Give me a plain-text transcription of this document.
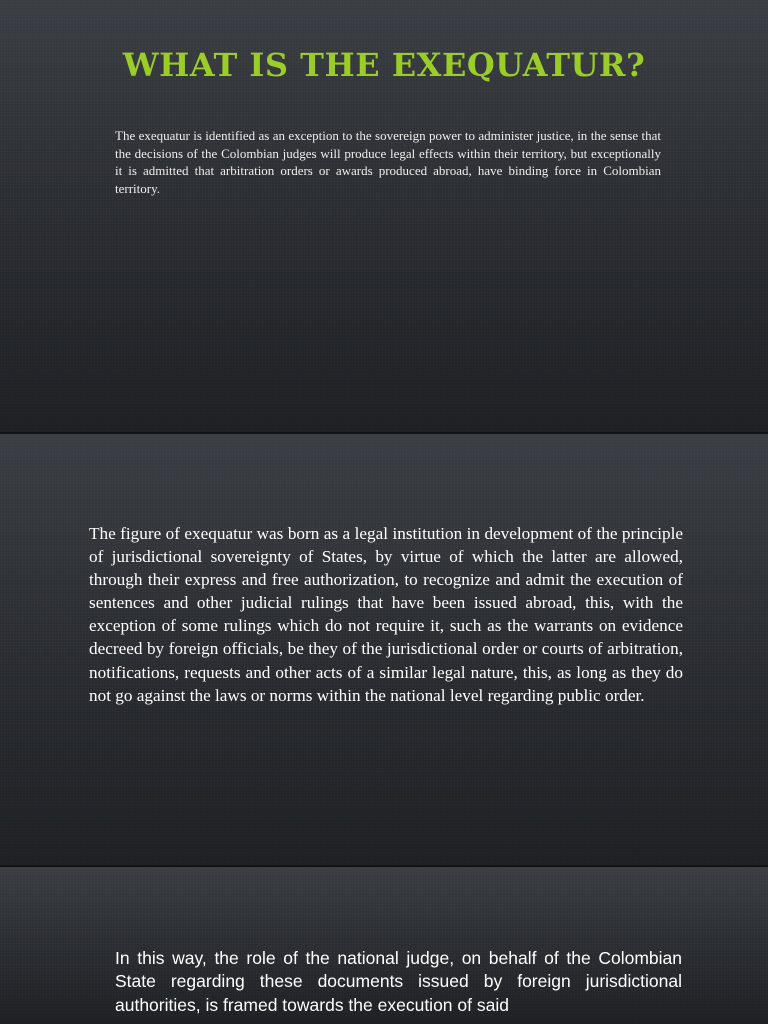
WHAT IS THE EXEQUATUR?

The exequatur is identified as an exception to the sovereign power to administer justice, in the sense that the decisions of the Colombian judges will produce legal effects within their territory, but exceptionally it is admitted that arbitration orders or awards produced abroad, have binding force in Colombian territory.

The figure of exequatur was born as a legal institution in development of the principle of jurisdictional sovereignty of States, by virtue of which the latter are allowed, through their express and free authorization, to recognize and admit the execution of sentences and other judicial rulings that have been issued abroad, this, with the exception of some rulings which do not require it, such as the warrants on evidence decreed by foreign officials, be they of the jurisdictional order or courts of arbitration, notifications, requests and other acts of a similar legal nature, this, as long as they do not go against the laws or norms within the national level regarding public order.

In this way, the role of the national judge, on behalf of the Colombian State regarding these documents issued by foreign jurisdictional authorities, is framed towards the execution of said
